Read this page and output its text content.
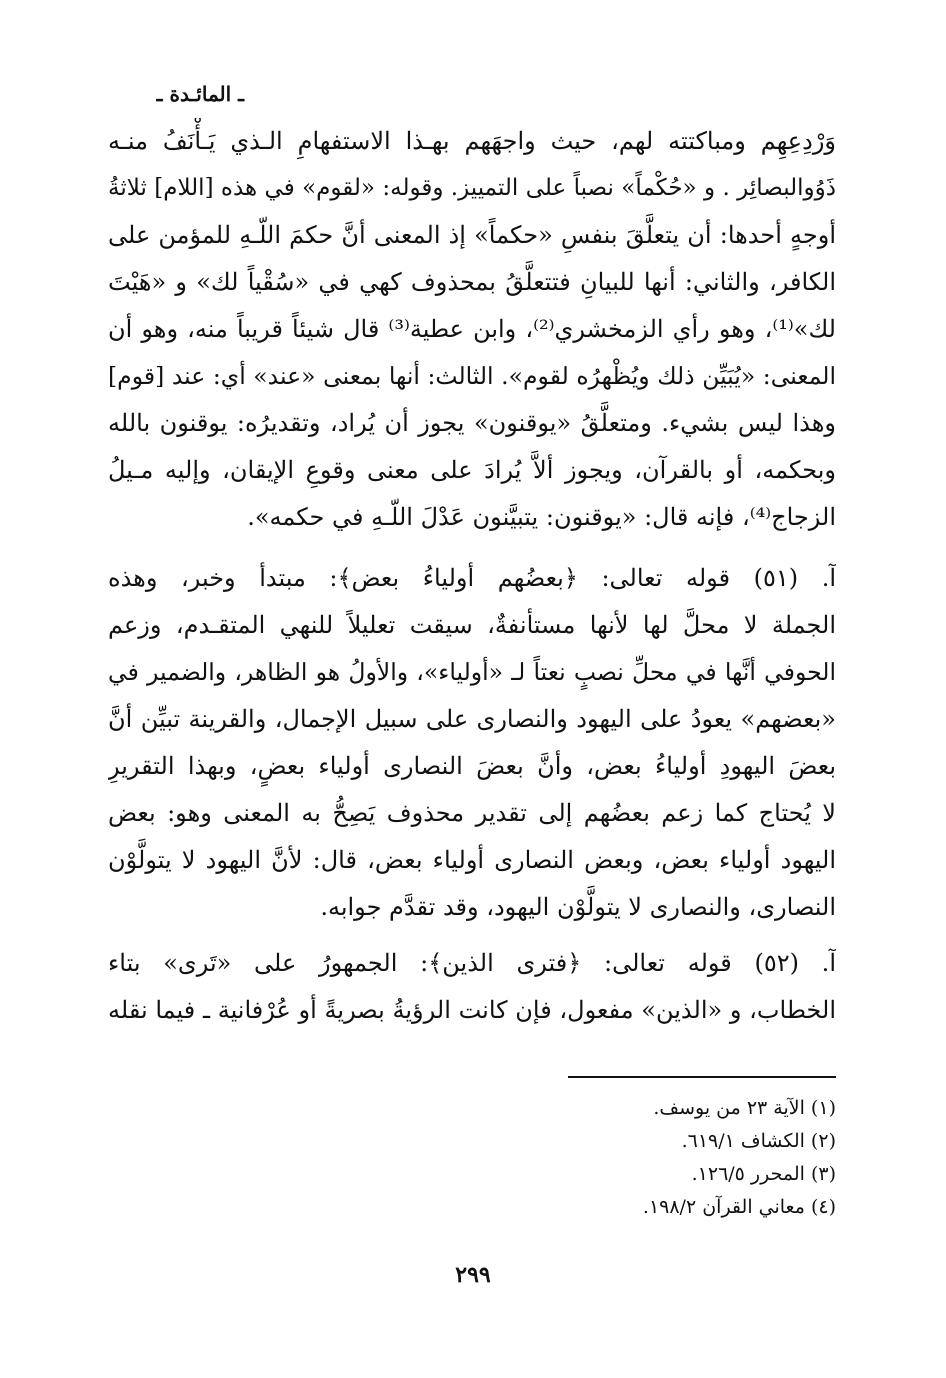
ـ المائـدة ـ
وَرْدِعِهِم ومباكتته لهم، حيث واجهَهم بهـذا الاستفهامِ الـذي يَـأْنَفُ منـه
ذَوُوالبصائِر . و «حُكْماً» نصباً على التمييز. وقوله: «لقوم» في هذه [اللام] ثلاثةُ
أوجهٍ أحدها: أن يتعلَّقَ بنفسِ «حكماً» إذ المعنى أنَّ حكمَ اللّـهِ للمؤمن على
الكافر، والثاني: أنها للبيانِ فتتعلَّقُ بمحذوف كهي في «سُقْياً لك» و «هَيْتَ
لك»⁽¹⁾، وهو رأي الزمخشري⁽²⁾، وابن عطية⁽³⁾ قال شيئاً قريباً منه، وهو أن
المعنى: «يُبَيِّن ذلك ويُظْهرُه لقوم». الثالث: أنها بمعنى «عند» أي: عند [قوم]
وهذا ليس بشيء. ومتعلَّقُ «يوقنون» يجوز أن يُراد، وتقديرُه: يوقنون بالله
وبحكمه، أو بالقرآن، ويجوز ألاَّ يُرادَ على معنى وقوعِ الإيقان، وإليه مـيلُ
الزجاج⁽⁴⁾، فإنه قال: «يوقنون: يتبيَّنون عَدْلَ اللّـهِ في حكمه».
آ. (٥١) قوله تعالى: ﴿بعضُهم أولياءُ بعض﴾: مبتدأ وخبر، وهذه
الجملة لا محلَّ لها لأنها مستأنفةٌ، سيقت تعليلاً للنهي المتقـدم، وزعم
الحوفي أنَّها في محلِّ نصبٍ نعتاً لـ «أولياء»، والأولُ هو الظاهر، والضمير في
«بعضهم» يعودُ على اليهود والنصارى على سبيل الإجمال، والقرينة تبيِّن أنَّ
بعضَ اليهودِ أولياءُ بعض، وأنَّ بعضَ النصارى أولياء بعضٍ، وبهذا التقريرِ
لا يُحتاج كما زعم بعضُهم إلى تقدير محذوف يَصِحُّ به المعنى وهو: بعض
اليهود أولياء بعض، وبعض النصارى أولياء بعض، قال: لأنَّ اليهود لا يتولَّوْن
النصارى، والنصارى لا يتولَّوْن اليهود، وقد تقدَّم جوابه.
آ. (٥٢) قوله تعالى: ﴿فترى الذين﴾: الجمهورُ على «تَرى» بتاء
الخطاب، و «الذين» مفعول، فإن كانت الرؤيةُ بصريةً أو عُرْفانية ـ فيما نقله
(١) الآية ٢٣ من يوسف.
(٢) الكشاف ٦١٩/١.
(٣) المحرر ١٢٦/٥.
(٤) معاني القرآن ١٩٨/٢.
٢٩٩
